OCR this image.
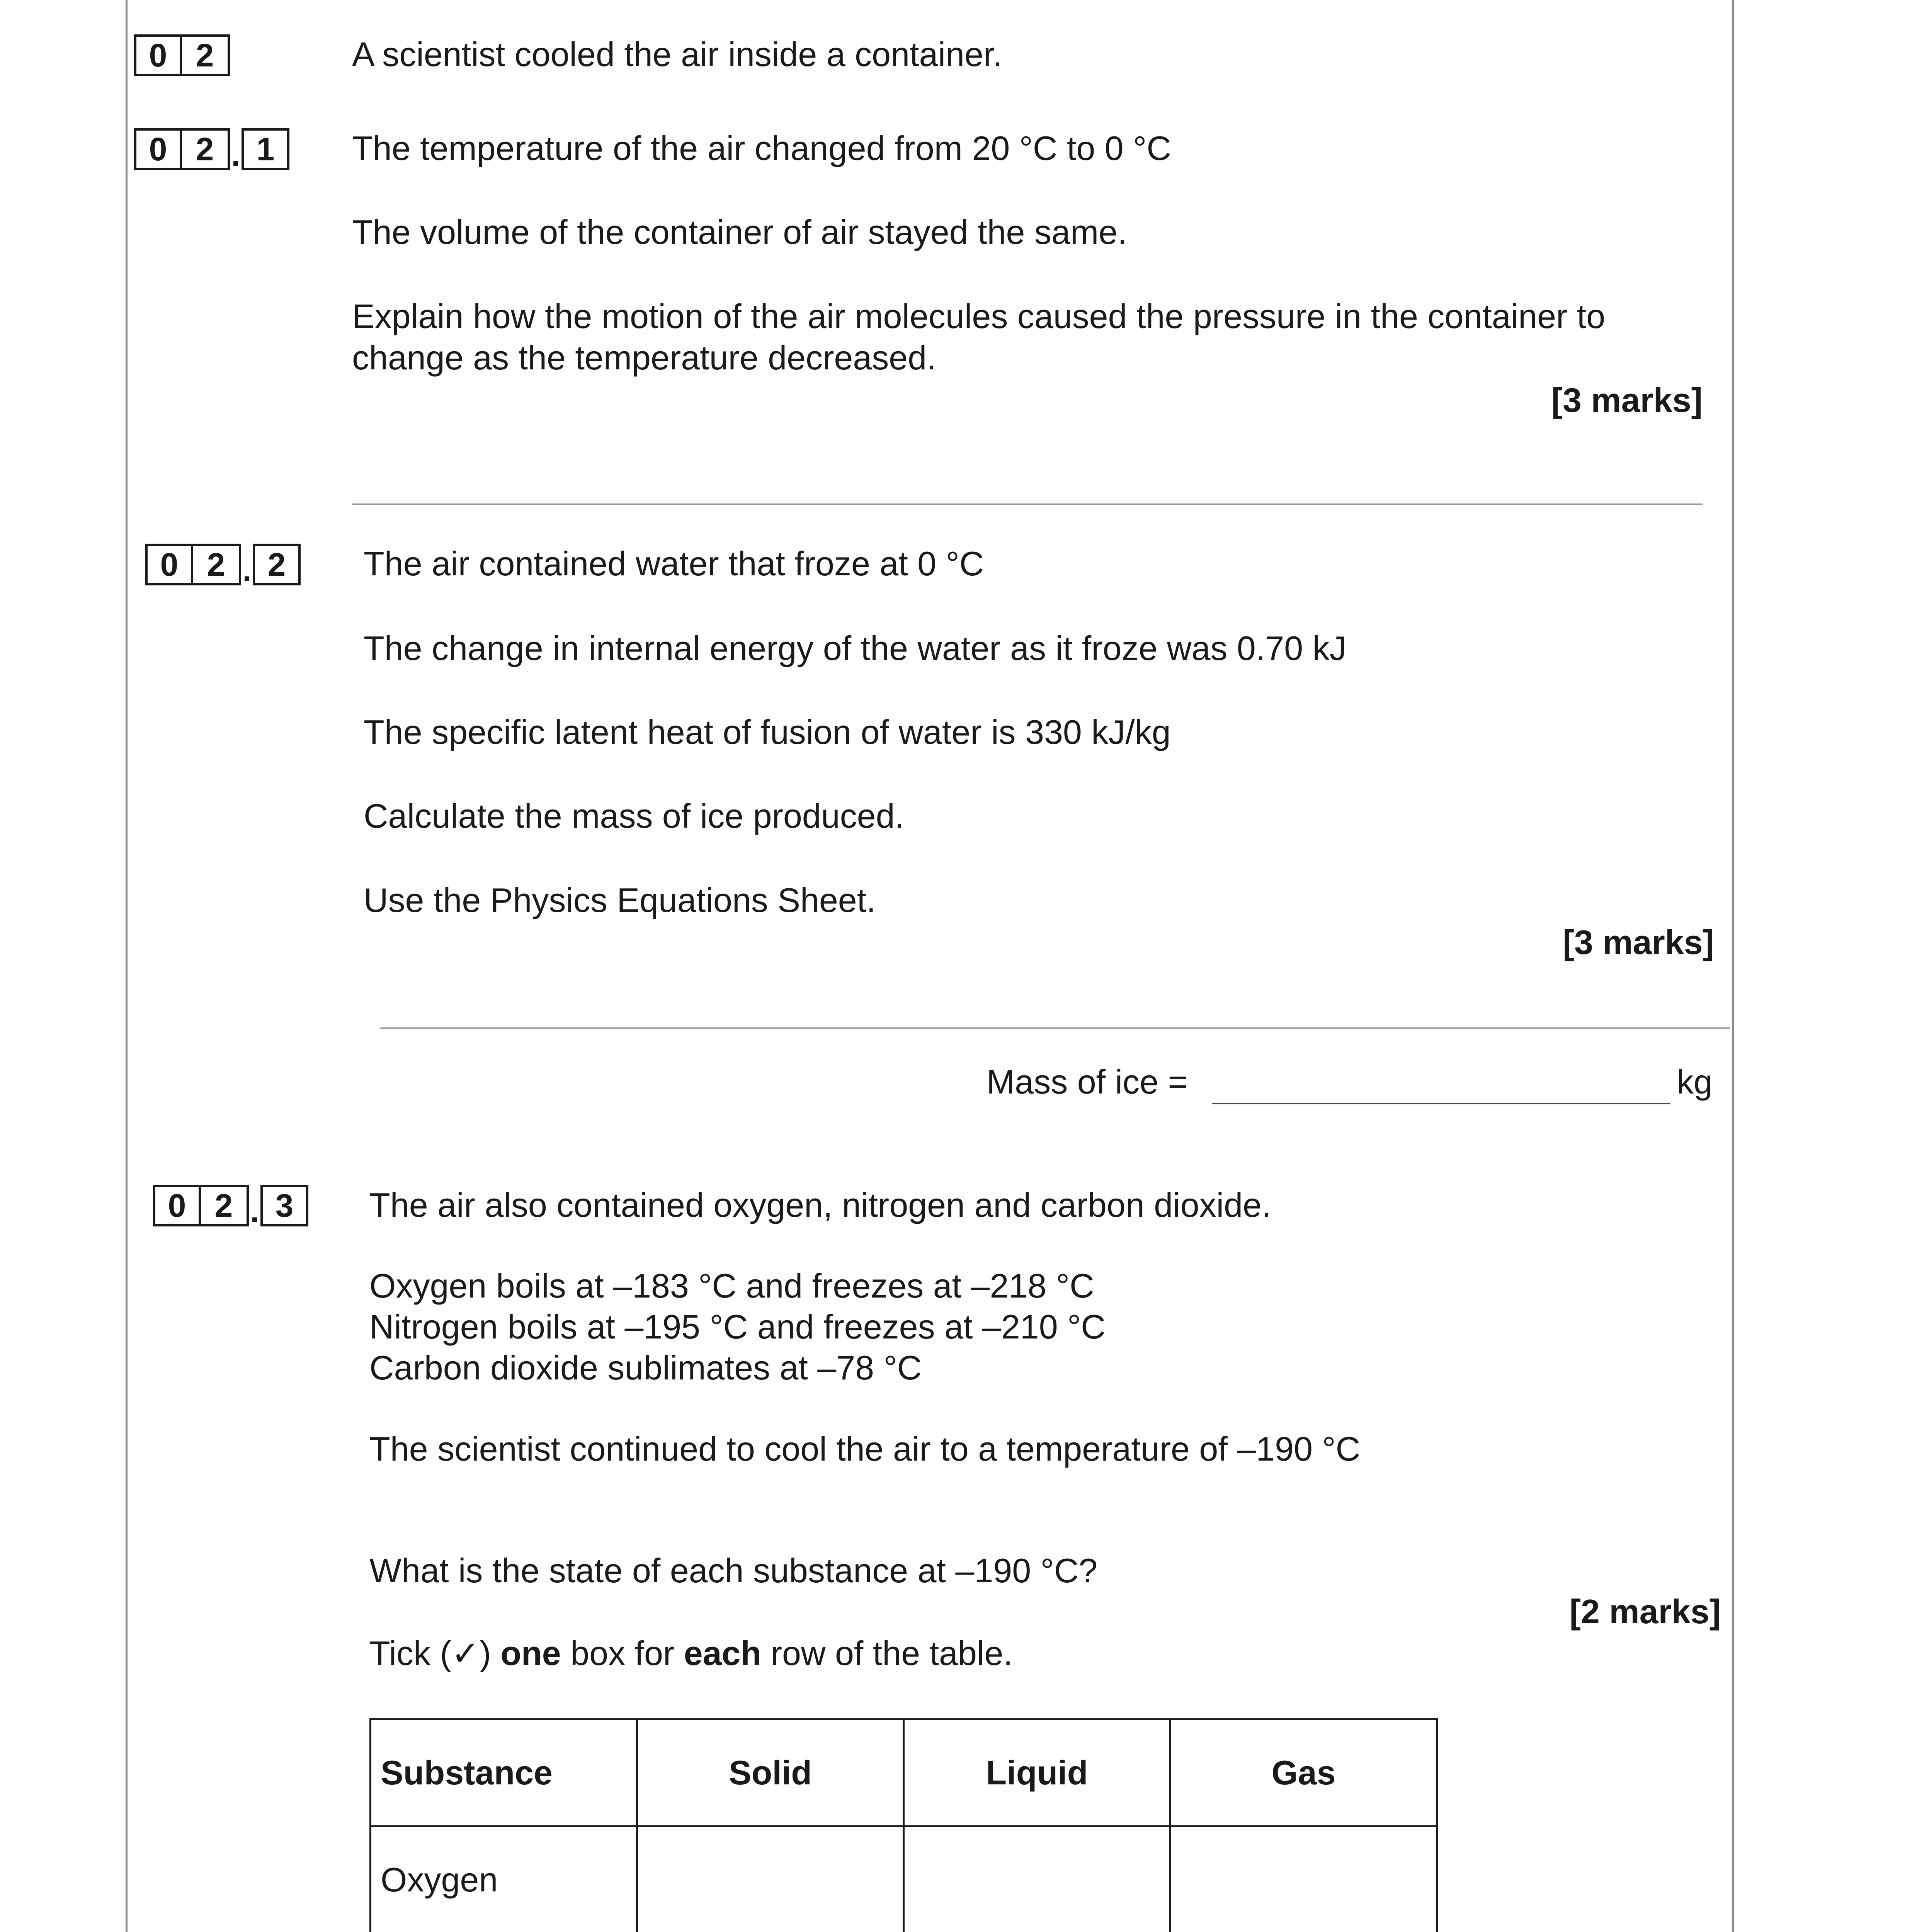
0 2	A scientist cooled the air inside a container.
0 2 . 1	The temperature of the air changed from 20 °C to 0 °C
The volume of the container of air stayed the same.
Explain how the motion of the air molecules caused the pressure in the container to
change as the temperature decreased.
[3 marks]
0 2 . 2	The air contained water that froze at 0 °C
The change in internal energy of the water as it froze was 0.70 kJ
The specific latent heat of fusion of water is 330 kJ/kg
Calculate the mass of ice produced.
Use the Physics Equations Sheet.
[3 marks]
Mass of ice =	kg
0 2 . 3	The air also contained oxygen, nitrogen and carbon dioxide.
Oxygen boils at –183 °C and freezes at –218 °C
Nitrogen boils at –195 °C and freezes at –210 °C
Carbon dioxide sublimates at –78 °C
The scientist continued to cool the air to a temperature of –190 °C
What is the state of each substance at –190 °C?
[2 marks]
Tick (✓) one box for each row of the table.
Substance	Solid	Liquid	Gas
Oxygen			
